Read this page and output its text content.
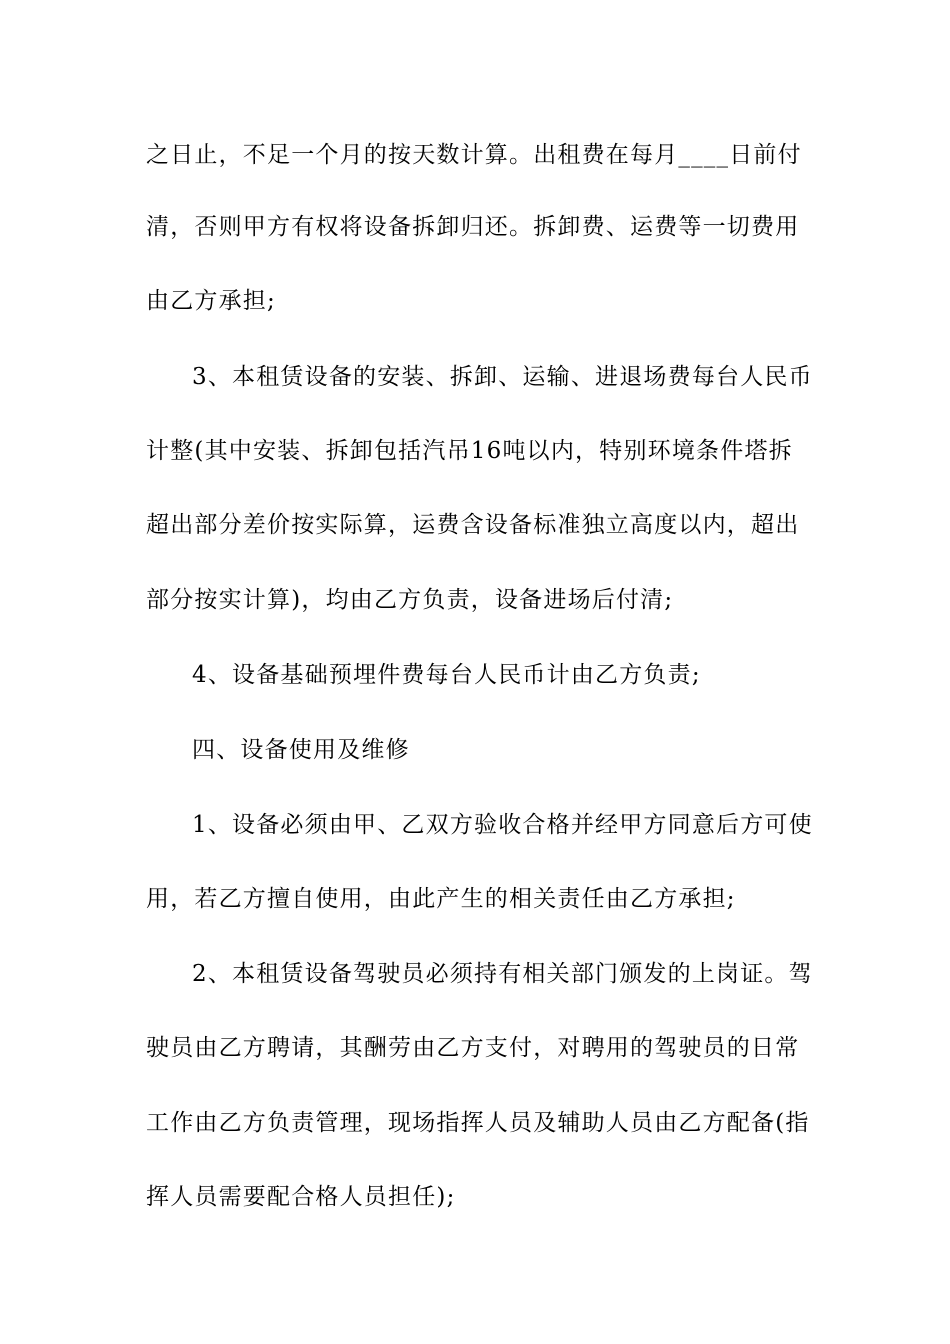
之日止，不足一个月的按天数计算。出租费在每月____日前付
清，否则甲方有权将设备拆卸归还。拆卸费、运费等一切费用
由乙方承担;
3、本租赁设备的安装、拆卸、运输、进退场费每台人民币
计整(其中安装、拆卸包括汽吊16吨以内，特别环境条件塔拆
超出部分差价按实际算，运费含设备标准独立高度以内，超出
部分按实计算)，均由乙方负责，设备进场后付清;
4、设备基础预埋件费每台人民币计由乙方负责;
四、设备使用及维修
1、设备必须由甲、乙双方验收合格并经甲方同意后方可使
用，若乙方擅自使用，由此产生的相关责任由乙方承担;
2、本租赁设备驾驶员必须持有相关部门颁发的上岗证。驾
驶员由乙方聘请，其酬劳由乙方支付，对聘用的驾驶员的日常
工作由乙方负责管理，现场指挥人员及辅助人员由乙方配备(指
挥人员需要配合格人员担任);
